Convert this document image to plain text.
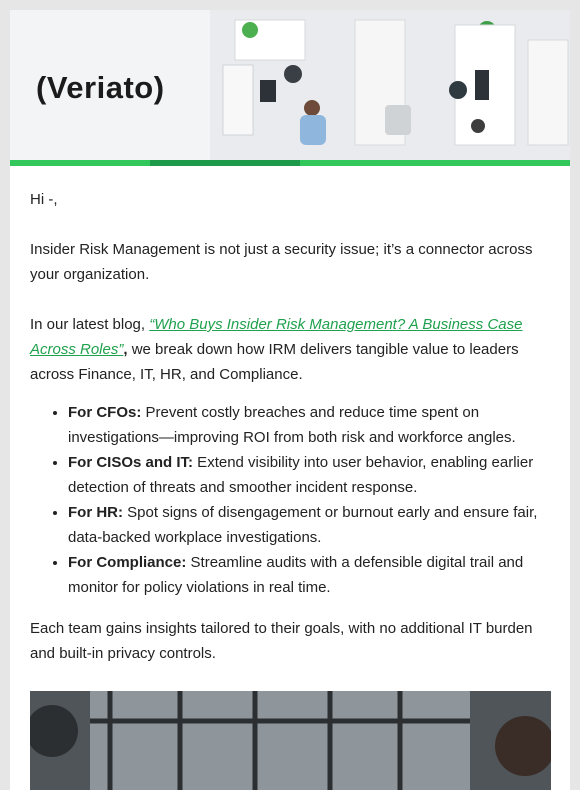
(Veriato)

Hi -,

Insider Risk Management is not just a security issue; it’s a connector across your organization.

In our latest blog, “Who Buys Insider Risk Management? A Business Case Across Roles”, we break down how IRM delivers tangible value to leaders across Finance, IT, HR, and Compliance.

• For CFOs: Prevent costly breaches and reduce time spent on investigations—improving ROI from both risk and workforce angles.
• For CISOs and IT: Extend visibility into user behavior, enabling earlier detection of threats and smoother incident response.
• For HR: Spot signs of disengagement or burnout early and ensure fair, data-backed workplace investigations.
• For Compliance: Streamline audits with a defensible digital trail and monitor for policy violations in real time.

Each team gains insights tailored to their goals, with no additional IT burden and built-in privacy controls.
